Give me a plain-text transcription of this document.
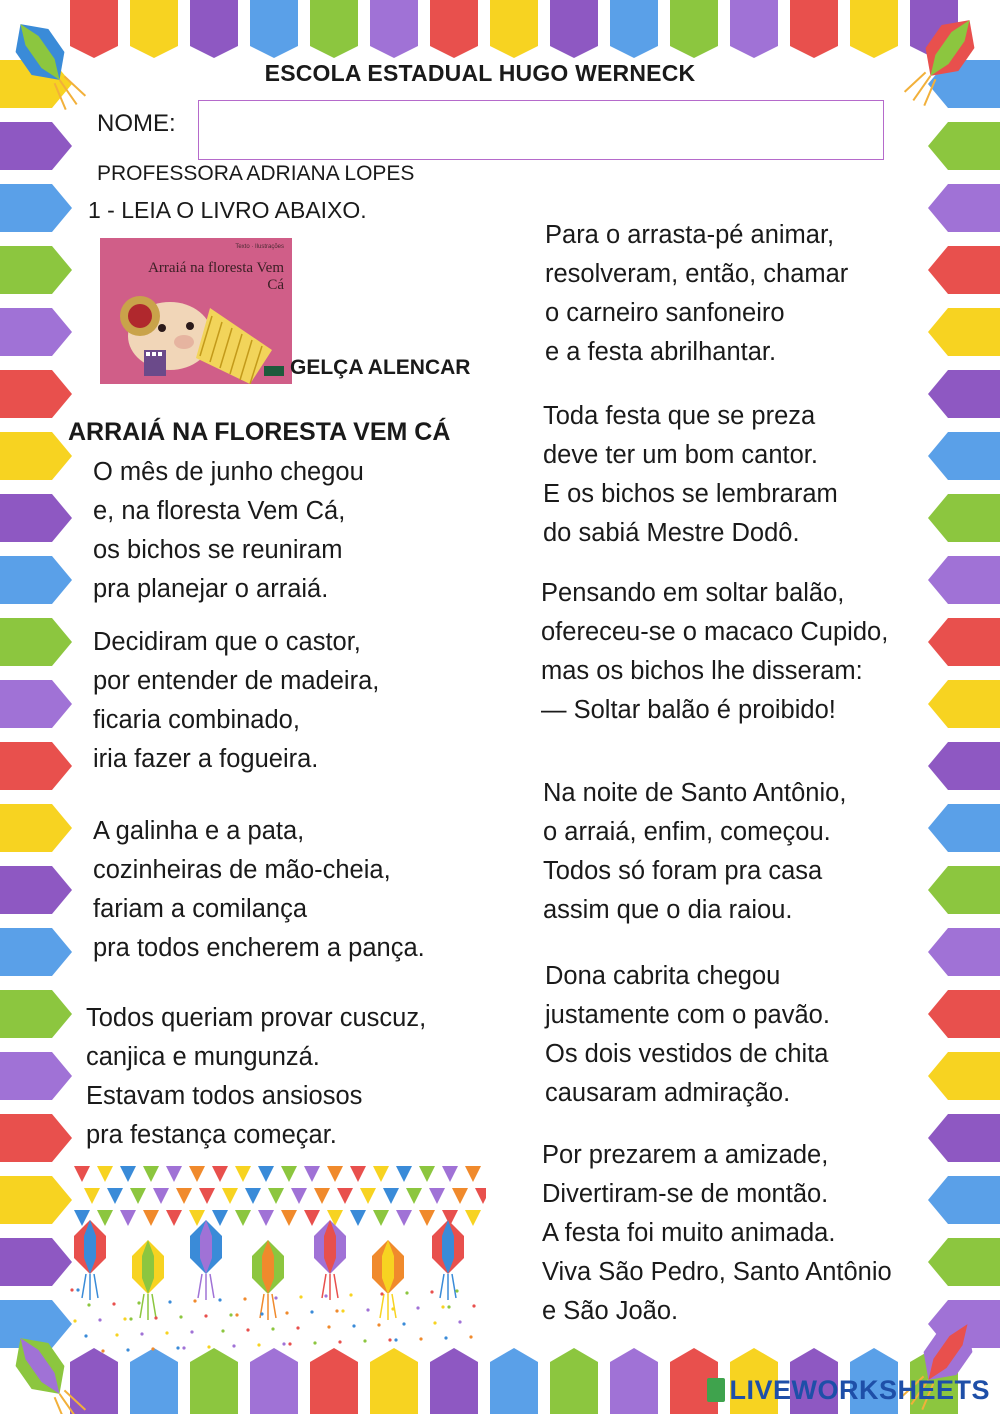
ESCOLA ESTADUAL HUGO WERNECK
NOME:
PROFESSORA ADRIANA LOPES
1 - LEIA O LIVRO ABAIXO.
Texto · Ilustrações
Arraiá na floresta Vem Cá
GELÇA ALENCAR
ARRAIÁ NA FLORESTA VEM CÁ
O mês de junho chegou
e, na floresta Vem Cá,
os bichos se reuniram
pra planejar o arraiá.
Decidiram que o castor,
por entender de madeira,
ficaria combinado,
iria fazer a fogueira.
A galinha e a pata,
cozinheiras de mão-cheia,
fariam a comilança
pra todos encherem a pança.
Todos queriam provar cuscuz,
canjica e mungunzá.
Estavam todos ansiosos
pra festança começar.
Para o arrasta-pé animar,
resolveram, então, chamar
o carneiro sanfoneiro
e a festa abrilhantar.
Toda festa que se preza
deve ter um bom cantor.
E os bichos se lembraram
do sabiá Mestre Dodô.
Pensando em soltar balão,
ofereceu-se o macaco Cupido,
mas os bichos lhe disseram:
— Soltar balão é proibido!
Na noite de Santo Antônio,
o arraiá, enfim, começou.
Todos só foram pra casa
assim que o dia raiou.
Dona cabrita chegou
justamente com o pavão.
Os dois vestidos de chita
causaram admiração.
Por prezarem a amizade,
Divertiram-se de montão.
A festa foi muito animada.
Viva São Pedro, Santo Antônio
e São João.
LIVEWORKSHEETS
